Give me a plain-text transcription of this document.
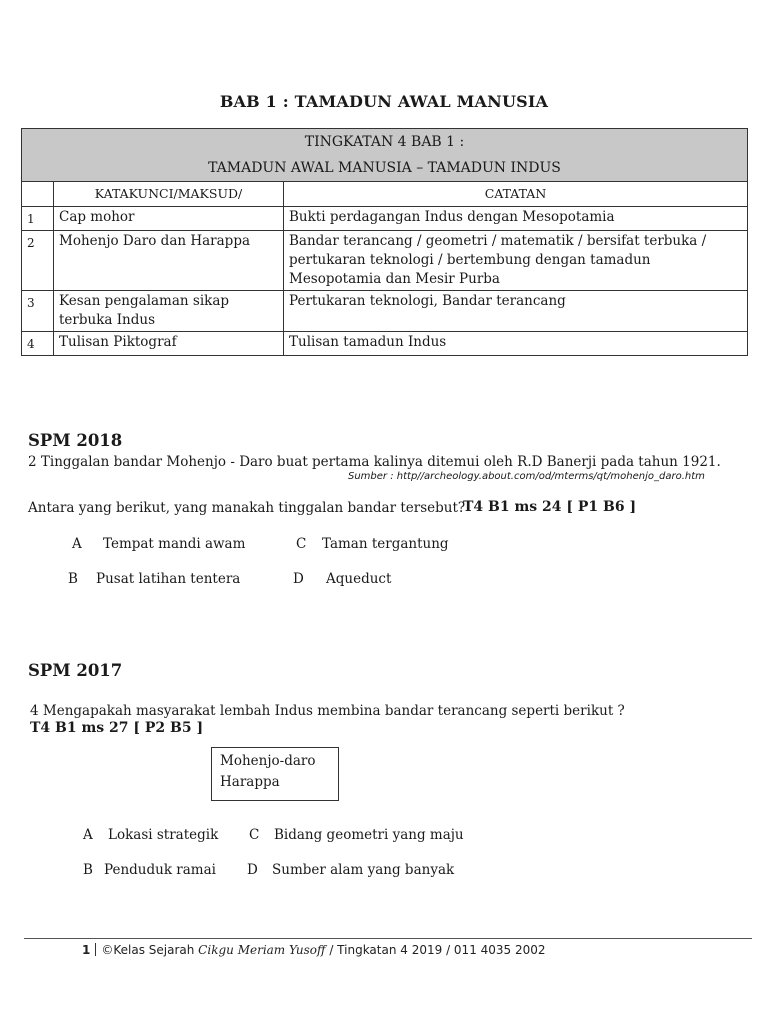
BAB 1 : TAMADUN AWAL MANUSIA
TINGKATAN 4 BAB 1 :
TAMADUN AWAL MANUSIA – TAMADUN INDUS		

	KATAKUNCI/MAKSUD/	CATATAN
1	Cap mohor	Bukti perdagangan Indus dengan Mesopotamia
2	Mohenjo Daro dan Harappa	Bandar terancang / geometri / matematik / bersifat terbuka / pertukaran teknologi / bertembung dengan tamadun Mesopotamia dan Mesir Purba
3	Kesan pengalaman sikap terbuka Indus	Pertukaran teknologi, Bandar terancang
4	Tulisan Piktograf	Tulisan tamadun Indus
SPM 2018
2 Tinggalan bandar Mohenjo - Daro buat pertama kalinya ditemui oleh R.D Banerji pada tahun 1921.
Sumber : http//archeology.about.com/od/mterms/qt/mohenjo_daro.htm
Antara yang berikut, yang manakah tinggalan bandar tersebut?
T4 B1 ms 24 [ P1 B6 ]
A Tempat mandi awam	C Taman tergantung
B Pusat latihan tentera	D Aqueduct
SPM 2017
4 Mengapakah masyarakat lembah Indus membina bandar terancang seperti berikut ?
T4 B1 ms 27 [ P2 B5 ]
Mohenjo-daro
Harappa
A Lokasi strategik C Bidang geometri yang maju
B Penduduk ramai D Sumber alam yang banyak
1 ©Kelas Sejarah Cikgu Meriam Yusoff / Tingkatan 4 2019 / 011 4035 2002
